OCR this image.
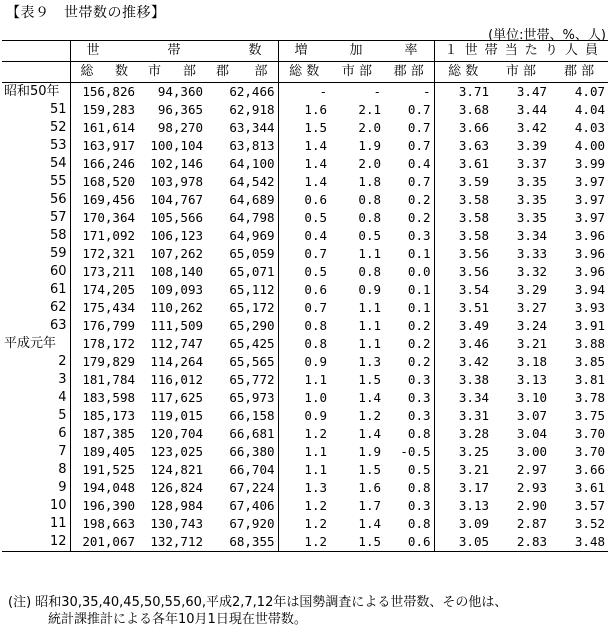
【表９　世帯数の推移】
(単位:世帯、%、人)
	世　帯　数			増　加　率			１世帯当たり人員		
	総 数	市 部	郡 部	総 数	市 部	郡 部	総 数	市 部	郡 部
昭和50年	156,826	94,360	62,466	-	-	-	3.71	3.47	4.07
51	159,283	96,365	62,918	1.6	2.1	0.7	3.68	3.44	4.04
52	161,614	98,270	63,344	1.5	2.0	0.7	3.66	3.42	4.03
53	163,917	100,104	63,813	1.4	1.9	0.7	3.63	3.39	4.00
54	166,246	102,146	64,100	1.4	2.0	0.4	3.61	3.37	3.99
55	168,520	103,978	64,542	1.4	1.8	0.7	3.59	3.35	3.97
56	169,456	104,767	64,689	0.6	0.8	0.2	3.58	3.35	3.97
57	170,364	105,566	64,798	0.5	0.8	0.2	3.58	3.35	3.97
58	171,092	106,123	64,969	0.4	0.5	0.3	3.58	3.34	3.96
59	172,321	107,262	65,059	0.7	1.1	0.1	3.56	3.33	3.96
60	173,211	108,140	65,071	0.5	0.8	0.0	3.56	3.32	3.96
61	174,205	109,093	65,112	0.6	0.9	0.1	3.54	3.29	3.94
62	175,434	110,262	65,172	0.7	1.1	0.1	3.51	3.27	3.93
63	176,799	111,509	65,290	0.8	1.1	0.2	3.49	3.24	3.91
平成元年	178,172	112,747	65,425	0.8	1.1	0.2	3.46	3.21	3.88
2	179,829	114,264	65,565	0.9	1.3	0.2	3.42	3.18	3.85
3	181,784	116,012	65,772	1.1	1.5	0.3	3.38	3.13	3.81
4	183,598	117,625	65,973	1.0	1.4	0.3	3.34	3.10	3.78
5	185,173	119,015	66,158	0.9	1.2	0.3	3.31	3.07	3.75
6	187,385	120,704	66,681	1.2	1.4	0.8	3.28	3.04	3.70
7	189,405	123,025	66,380	1.1	1.9	-0.5	3.25	3.00	3.70
8	191,525	124,821	66,704	1.1	1.5	0.5	3.21	2.97	3.66
9	194,048	126,824	67,224	1.3	1.6	0.8	3.17	2.93	3.61
10	196,390	128,984	67,406	1.2	1.7	0.3	3.13	2.90	3.57
11	198,663	130,743	67,920	1.2	1.4	0.8	3.09	2.87	3.52
12	201,067	132,712	68,355	1.2	1.5	0.6	3.05	2.83	3.48
(注) 昭和30,35,40,45,50,55,60,平成2,7,12年は国勢調査による世帯数、その他は、
統計課推計による各年10月1日現在世帯数。
